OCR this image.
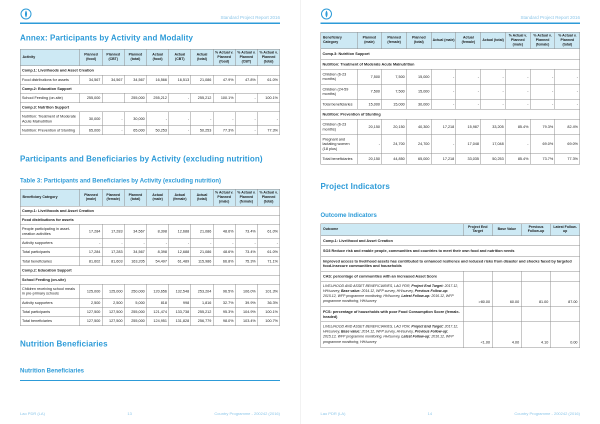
Standard Project Report 2016
Annex: Participants by Activity and Modality
Activity	Planned (food)	Planned (CBT)	Planned (total)	Actual (food)	Actual (CBT)	Actual (total)	% Actual v. Planned (food)	% Actual v. Planned (CBT)	% Actual v. Planned (total)
Comp.1: Livelihoods and Asset Creation									
Food distributions for assets	34,567	34,567	34,567	16,566	16,513	21,086	47.9%	47.8%	61.0%
Comp.2: Education Support									
School Feeding (on-site)	255,000		255,000	255,212	-	255,212	100.1%	-	100.1%
Comp.3: Nutrition Support									
Nutrition: Treatment of Moderate Acute Malnutrition	30,000	-	30,000	-	-	-	-	-	-
Nutrition: Prevention of Stunting	65,000	-	65,000	50,253	-	50,253	77.3%	-	77.3%
Participants and Beneficiaries by Activity (excluding nutrition)
Table 3: Participants and Beneficiaries by Activity (excluding nutrition)
Beneficiary Category	Planned (male)	Planned (female)	Planned (total)	Actual (male)	Actual (female)	Actual (total)	% Actual v. Planned (male)	% Actual v. Planned (female)	% Actual v. Planned (total)
Comp.1: Livelihoods and Asset Creation									
Food distributions for assets									
People participating in asset-creation activities	17,284	17,283	34,567	8,398	12,688	21,086	48.6%	73.4%	61.0%
Activity supporters	-	-	-	-	-	-	-	-	-
Total participants	17,284	17,283	34,567	8,398	12,688	21,086	48.6%	73.4%	61.0%
Total beneficiaries	81,602	81,603	163,205	54,497	61,489	115,986	66.8%	75.3%	71.1%
Comp.2: Education Support									
School Feeding (on-site)									
Children receiving school meals in pre-primary schools	125,000	125,000	250,000	120,656	132,548	253,204	96.5%	106.0%	101.3%
Activity supporters	2,500	2,500	5,000	818	998	1,816	32.7%	39.9%	36.3%
Total participants	127,500	127,500	255,000	121,474	133,738	255,212	95.3%	104.9%	100.1%
Total beneficiaries	127,500	127,500	255,000	124,951	131,828	256,779	98.0%	103.4%	100.7%
Nutrition Beneficiaries
Nutrition Beneficiaries
Lao PDR (LA)	13	Country Programme - 200242 (2016)
Standard Project Report 2016
Beneficiary Category	Planned (male)	Planned (female)	Planned (total)	Actual (male)	Actual (female)	Actual (total)	% Actual v. Planned (male)	% Actual v. Planned (female)	% Actual v. Planned (total)
Comp.3: Nutrition Support									
Nutrition: Treatment of Moderate Acute Malnutrition									
Children (6-23 months)	7,500	7,500	15,000	-	-	-	-	-	-
Children (24-59 months)	7,500	7,500	15,000	-	-	-	-	-	-
Total beneficiaries	15,000	15,000	30,000	-	-	-	-	-	-
Nutrition: Prevention of Stunting									
Children (6-23 months)	20,150	20,150	40,300	17,218	15,987	33,205	85.4%	79.3%	82.4%
Pregnant and lactating women (18 plus)	-	24,700	24,700	-	17,048	17,048	-	69.0%	69.0%
Total beneficiaries	20,150	44,850	65,000	17,218	33,035	50,253	85.4%	73.7%	77.3%
Project Indicators
Outcome Indicators
Outcome	Project End Target	Base Value	Previous Follow-up	Latest Follow-up
Comp.1: Livelihood and Asset Creation				
SO3 Reduce risk and enable people, communities and countries to meet their own food and nutrition needs				
Improved access to livelihood assets has contributed to enhanced resilience and reduced risks from disaster and shocks faced by targeted food-insecure communities and households				
CAS: percentage of communities with an increased Asset Score				
LIVELIHOOD AND ASSET BENEFICIARIES, LAO PDR, Project End Target: 2017.12, HH/survey, Base value: 2014.12, WFP survey, HH/survey, Previous Follow-up: 2015.12, WFP programme monitoring, HH/survey, Latest Follow-up: 2016.12, WFP programme monitoring, HH/survey	>80.00	60.00	81.00	87.00
FCS: percentage of households with poor Food Consumption Score (female-headed)				
LIVELIHOOD AND ASSET BENEFICIARIES, LAO PDR, Project End Target: 2017.12, HH/survey, Base value: 2014.12, WFP survey, HH/survey, Previous Follow-up: 2015.12, WFP programme monitoring, HH/survey, Latest Follow-up: 2016.12, WFP programme monitoring, HH/survey	<1.00	4.00	4.10	0.00
Lao PDR (LA)	14	Country Programme - 200242 (2016)
